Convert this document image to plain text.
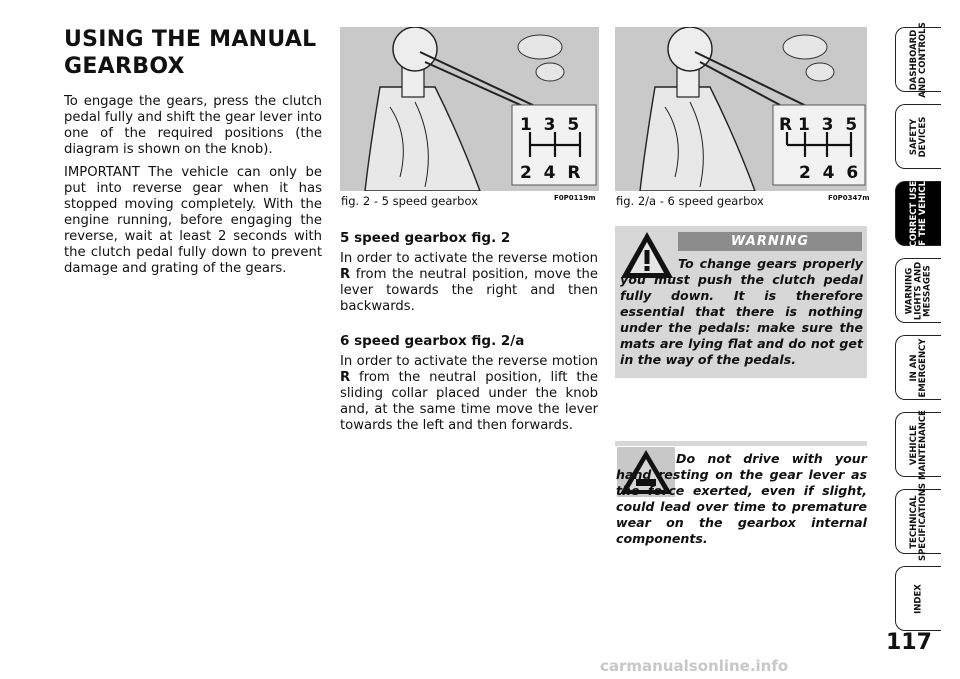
USING THE MANUAL
GEARBOX

To engage the gears, press the clutch pedal fully and shift the gear lever into one of the required positions (the diagram is shown on the knob).

IMPORTANT The vehicle can only be put into reverse gear when it has stopped moving completely. With the engine running, before engaging the reverse, wait at least 2 seconds with the clutch pedal fully down to prevent damage and grating of the gears.

1  3  5
2  4  R
fig. 2 - 5 speed gearbox	F0P0119m
R 1  3  5
2  4  6
fig. 2/a - 6 speed gearbox	F0P0347m
5 speed gearbox fig. 2

In order to activate the reverse motion R from the neutral position, move the lever towards the right and then backwards.

6 speed gearbox fig. 2/a

In order to activate the reverse motion R from the neutral position, lift the sliding collar placed under the knob and, at the same time move the lever towards the left and then forwards.

WARNING
To change gears properly you must push the clutch pedal fully down. It is therefore essential that there is nothing under the pedals: make sure the mats are lying flat and do not get in the way of the pedals.
Do not drive with your hand resting on the gear lever as the force exerted, even if slight, could lead over time to premature wear on the gearbox internal components.
DASHBOARD AND CONTROLS
SAFETY DEVICES
CORRECT USE OF THE VEHICLE
WARNING LIGHTS AND MESSAGES
IN AN EMERGENCY
VEHICLE MAINTENANCE
TECHNICAL SPECIFICATIONS
INDEX
117
carmanualsonline.info
